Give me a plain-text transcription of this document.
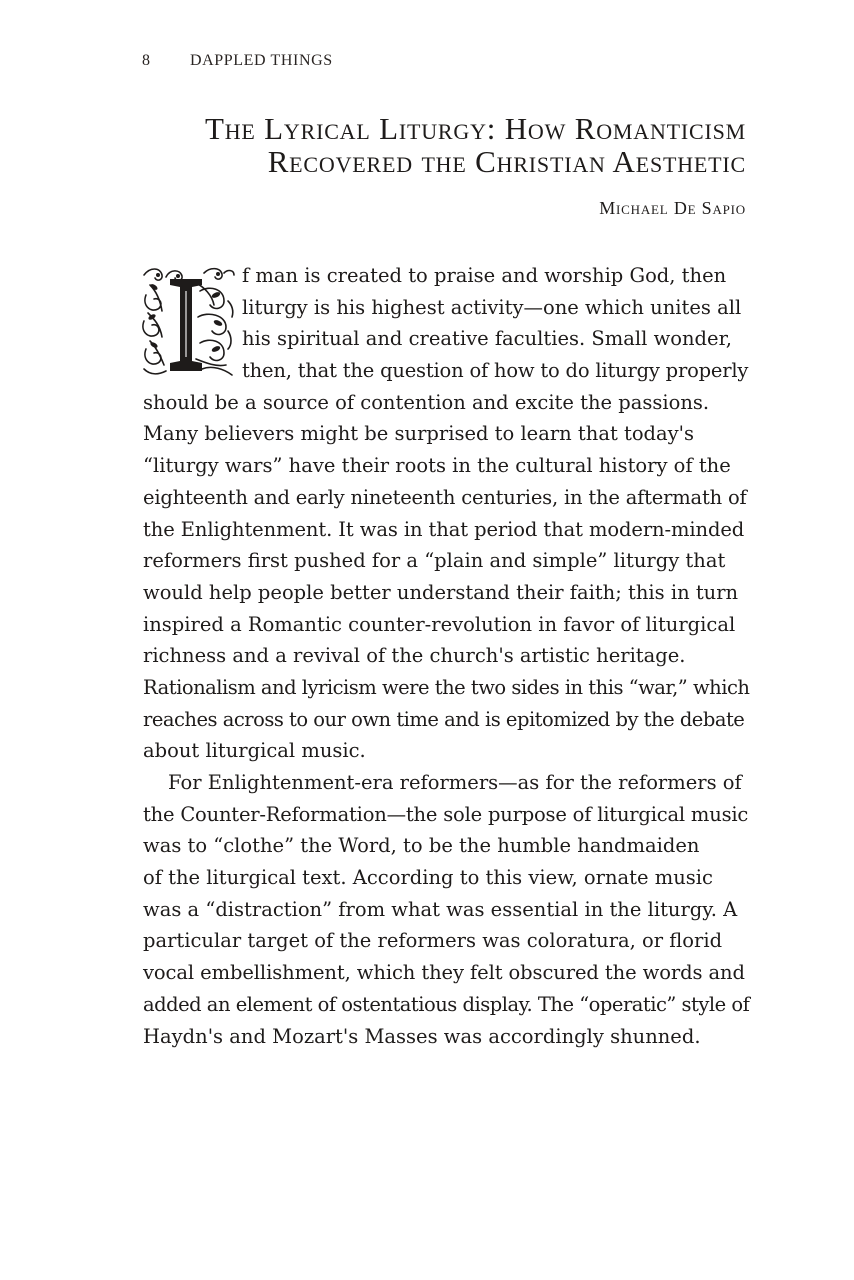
8 DAPPLED THINGS
The Lyrical Liturgy: How Romanticism
Recovered the Christian Aesthetic
Michael De Sapio
f man is created to praise and worship God, then
liturgy is his highest activity—one which unites all
his spiritual and creative faculties. Small wonder,
then, that the question of how to do liturgy properly
should be a source of contention and excite the passions.
Many believers might be surprised to learn that today's
“liturgy wars” have their roots in the cultural history of the
eighteenth and early nineteenth centuries, in the aftermath of
the Enlightenment. It was in that period that modern-minded
reformers first pushed for a “plain and simple” liturgy that
would help people better understand their faith; this in turn
inspired a Romantic counter-revolution in favor of liturgical
richness and a revival of the church's artistic heritage.
Rationalism and lyricism were the two sides in this “war,” which
reaches across to our own time and is epitomized by the debate
about liturgical music.
For Enlightenment-era reformers—as for the reformers of
the Counter-Reformation—the sole purpose of liturgical music
was to “clothe” the Word, to be the humble handmaiden
of the liturgical text. According to this view, ornate music
was a “distraction” from what was essential in the liturgy. A
particular target of the reformers was coloratura, or florid
vocal embellishment, which they felt obscured the words and
added an element of ostentatious display. The “operatic” style of
Haydn's and Mozart's Masses was accordingly shunned.
